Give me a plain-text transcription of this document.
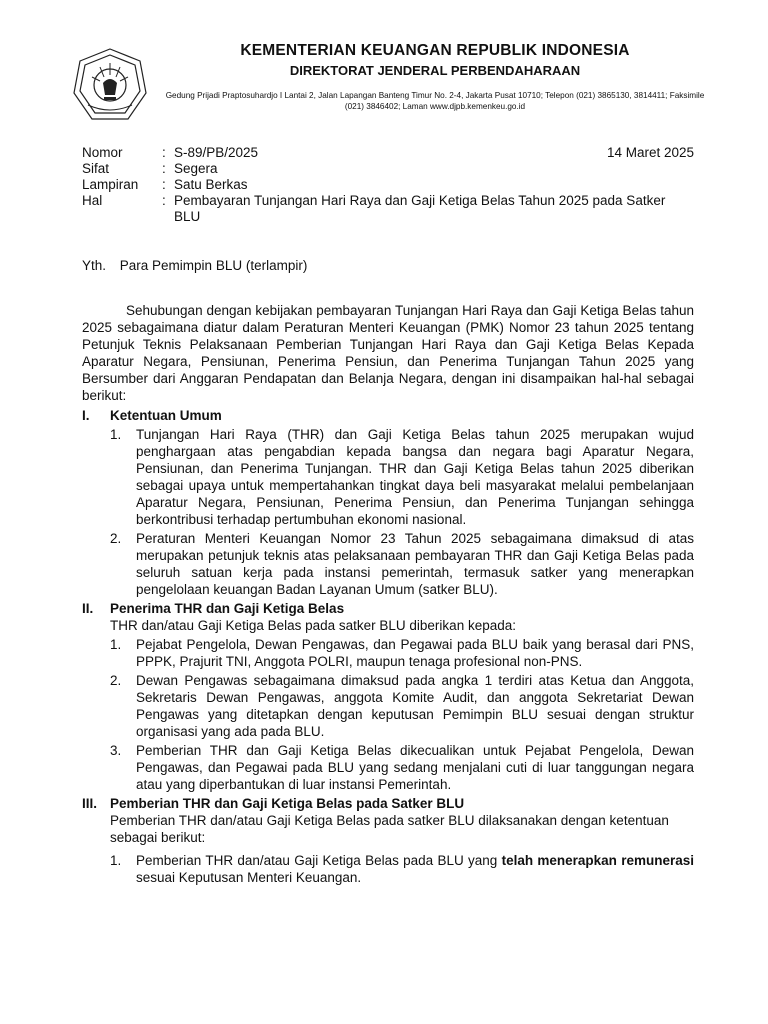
KEMENTERIAN KEUANGAN REPUBLIK INDONESIA
DIREKTORAT JENDERAL PERBENDAHARAAN
Gedung Prijadi Praptosuhardjo I Lantai 2, Jalan Lapangan Banteng Timur No. 2-4, Jakarta Pusat 10710; Telepon (021) 3865130, 3814411; Faksimile (021) 3846402; Laman www.djpb.kemenkeu.go.id
Nomor	: S-89/PB/2025
Sifat	: Segera
Lampiran	: Satu Berkas
Hal	: Pembayaran Tunjangan Hari Raya dan Gaji Ketiga Belas Tahun 2025 pada Satker BLU
14 Maret 2025
Yth. Para Pemimpin BLU (terlampir)

Sehubungan dengan kebijakan pembayaran Tunjangan Hari Raya dan Gaji Ketiga Belas tahun 2025 sebagaimana diatur dalam Peraturan Menteri Keuangan (PMK) Nomor 23 tahun 2025 tentang Petunjuk Teknis Pelaksanaan Pemberian Tunjangan Hari Raya dan Gaji Ketiga Belas Kepada Aparatur Negara, Pensiunan, Penerima Pensiun, dan Penerima Tunjangan Tahun 2025 yang Bersumber dari Anggaran Pendapatan dan Belanja Negara, dengan ini disampaikan hal-hal sebagai berikut:

I.	Ketentuan Umum
1.	Tunjangan Hari Raya (THR) dan Gaji Ketiga Belas tahun 2025 merupakan wujud penghargaan atas pengabdian kepada bangsa dan negara bagi Aparatur Negara, Pensiunan, dan Penerima Tunjangan. THR dan Gaji Ketiga Belas tahun 2025 diberikan sebagai upaya untuk mempertahankan tingkat daya beli masyarakat melalui pembelanjaan Aparatur Negara, Pensiunan, Penerima Pensiun, dan Penerima Tunjangan sehingga berkontribusi terhadap pertumbuhan ekonomi nasional.
2.	Peraturan Menteri Keuangan Nomor 23 Tahun 2025 sebagaimana dimaksud di atas merupakan petunjuk teknis atas pelaksanaan pembayaran THR dan Gaji Ketiga Belas pada seluruh satuan kerja pada instansi pemerintah, termasuk satker yang menerapkan pengelolaan keuangan Badan Layanan Umum (satker BLU).
II.	Penerima THR dan Gaji Ketiga Belas
THR dan/atau Gaji Ketiga Belas pada satker BLU diberikan kepada:
1.	Pejabat Pengelola, Dewan Pengawas, dan Pegawai pada BLU baik yang berasal dari PNS, PPPK, Prajurit TNI, Anggota POLRI, maupun tenaga profesional non-PNS.
2.	Dewan Pengawas sebagaimana dimaksud pada angka 1 terdiri atas Ketua dan Anggota, Sekretaris Dewan Pengawas, anggota Komite Audit, dan anggota Sekretariat Dewan Pengawas yang ditetapkan dengan keputusan Pemimpin BLU sesuai dengan struktur organisasi yang ada pada BLU.
3.	Pemberian THR dan Gaji Ketiga Belas dikecualikan untuk Pejabat Pengelola, Dewan Pengawas, dan Pegawai pada BLU yang sedang menjalani cuti di luar tanggungan negara atau yang diperbantukan di luar instansi Pemerintah.
III. Pemberian THR dan Gaji Ketiga Belas pada Satker BLU
Pemberian THR dan/atau Gaji Ketiga Belas pada satker BLU dilaksanakan dengan ketentuan sebagai berikut:
1.	Pemberian THR dan/atau Gaji Ketiga Belas pada BLU yang telah menerapkan remunerasi sesuai Keputusan Menteri Keuangan.
